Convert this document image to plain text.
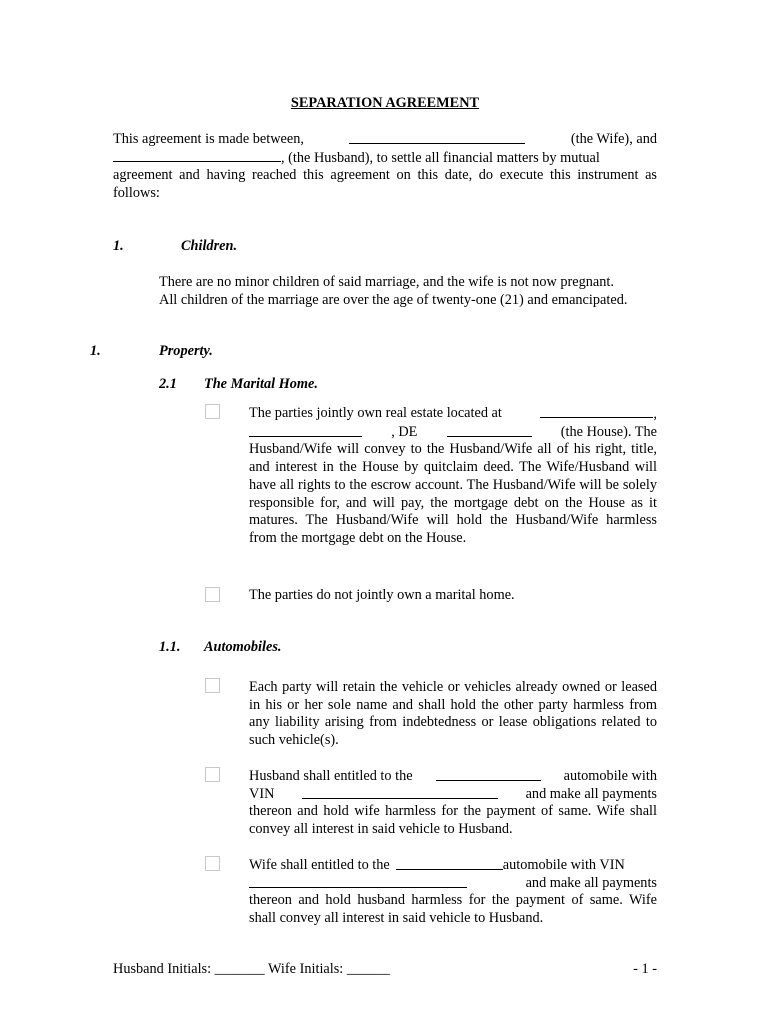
SEPARATION AGREEMENT

This agreement is made between,	(the Wife), and
, (the Husband), to settle all financial matters by mutual
agreement and having reached this agreement on this date, do execute this instrument as follows:
1.	Children.
There are no minor children of said marriage, and the wife is not now pregnant.
All children of the marriage are over the age of twenty-one (21) and emancipated.
1.	Property.
2.1 The Marital Home.
The parties jointly own real estate located at	,
, DE	(the House). The
Husband/Wife will convey to the Husband/Wife all of his right, title, and interest in the House by quitclaim deed. The Wife/Husband will have all rights to the escrow account. The Husband/Wife will be solely responsible for, and will pay, the mortgage debt on the House as it matures. The Husband/Wife will hold the Husband/Wife harmless from the mortgage debt on the House.
The parties do not jointly own a marital home.
1.1. Automobiles.
Each party will retain the vehicle or vehicles already owned or leased in his or her sole name and shall hold the other party harmless from any liability arising from indebtedness or lease obligations related to such vehicle(s).
Husband shall entitled to the	automobile with
VIN	and make all payments
thereon and hold wife harmless for the payment of same. Wife shall convey all interest in said vehicle to Husband.
Wife shall entitled to the	automobile with VIN
and make all payments
thereon and hold husband harmless for the payment of same. Wife shall convey all interest in said vehicle to Husband.
Husband Initials: _______ Wife Initials: ______	- 1 -
